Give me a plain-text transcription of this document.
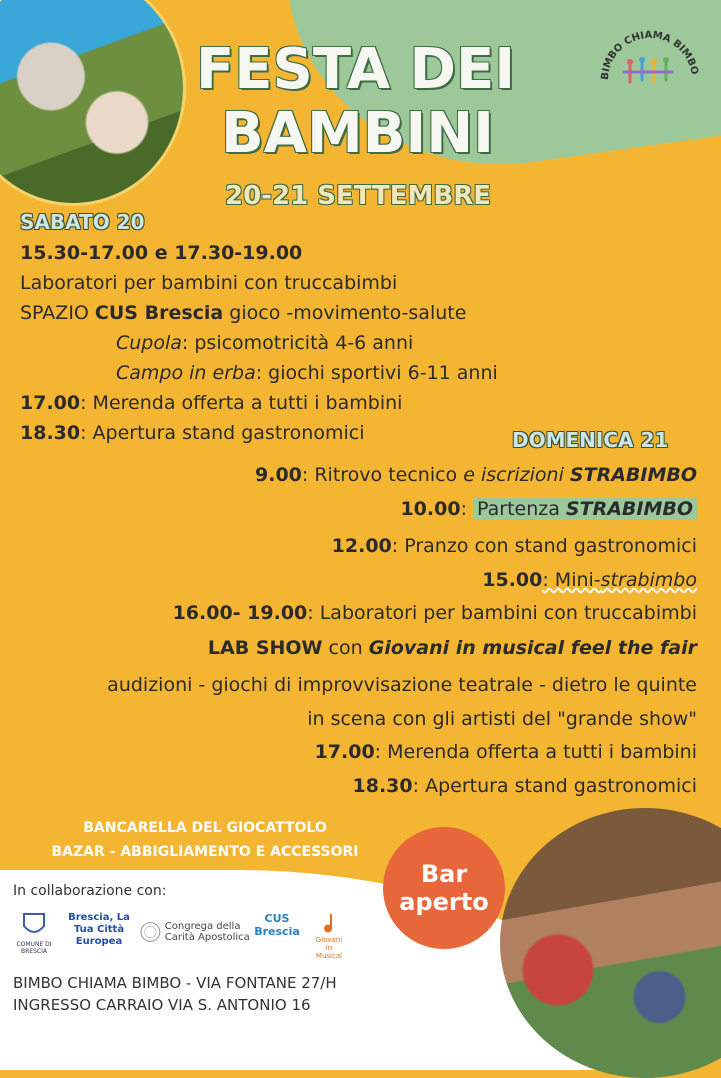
BIMBO CHIAMA BIMBO
FESTA DEI
BAMBINI
20-21 SETTEMBRE
SABATO 20
15.30-17.00 e 17.30-19.00
Laboratori per bambini con truccabimbi
SPAZIO CUS Brescia gioco -movimento-salute
Cupola: psicomotricità 4-6 anni
Campo in erba: giochi sportivi 6-11 anni
17.00: Merenda offerta a tutti i bambini
18.30: Apertura stand gastronomici	DOMENICA 21
9.00: Ritrovo tecnico e iscrizioni STRABIMBO
10.00: Partenza STRABIMBO
12.00: Pranzo con stand gastronomici
15.00: Mini-strabimbo
16.00- 19.00: Laboratori per bambini con truccabimbi
LAB SHOW con Giovani in musical feel the fair
audizioni - giochi di improvvisazione teatrale - dietro le quinte
in scena con gli artisti del "grande show"
17.00: Merenda offerta a tutti i bambini
18.30: Apertura stand gastronomici
BANCARELLA DEL GIOCATTOLO
BAZAR - ABBIGLIAMENTO E ACCESSORI
Bar
aperto
In collaborazione con:
COMUNE DI BRESCIA
Brescia, La Tua Città Europea
Congrega della Carità Apostolica
CUS Brescia
Giovani in Musical
BIMBO CHIAMA BIMBO - VIA FONTANE 27/H
INGRESSO CARRAIO VIA S. ANTONIO 16
